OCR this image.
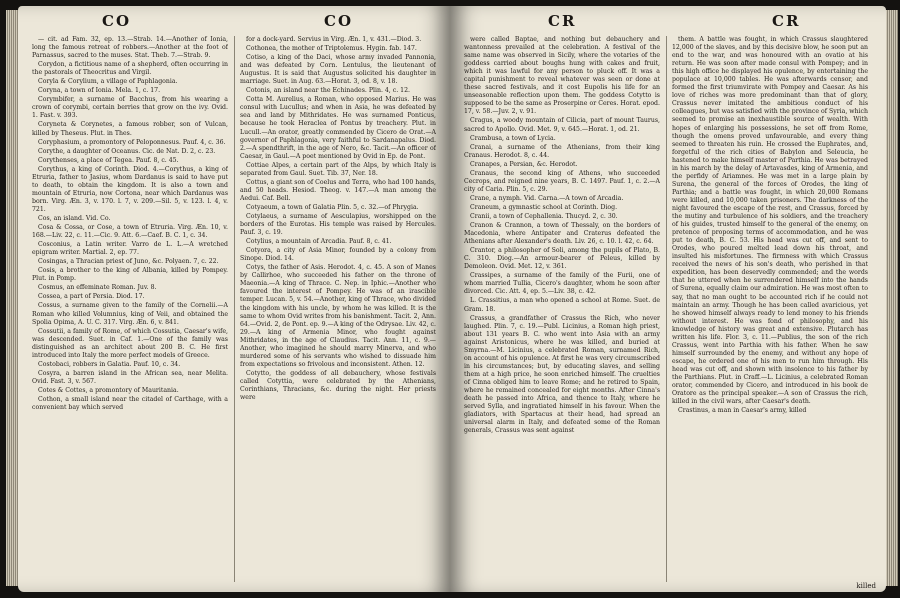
CO	CO

— cit. ad Fam. 32, ep. 13.—Strab. 14.—Another of Ionia, long the famous retreat of robbers.—Another at the foot of Parnassus, sacred to the muses. Stat. Theb. 7.—Strab. 9.

Corydon, a fictitious name of a shepherd, often occurring in the pastorals of Theocritus and Virgil.

Coryla & Corylium, a village of Paphlagonia.

Coryna, a town of Ionia. Mela. 1, c. 17.

Corymbifer, a surname of Bacchus, from his wearing a crown of corymbi, certain berries that grow on the ivy. Ovid. 1. Fast. v. 393.

Corynetа & Corynetes, a famous robber, son of Vulcan, killed by Theseus. Plut. in Thes.

Coryphasium, a promontory of Peloponnesus. Pauf. 4, c. 36.

Corythe, a daughter of Oceanus. Cic. de Nat. D. 2, c. 23.

Corythenses, a place of Tegea. Pauf. 8, c. 45.

Corythus, a king of Corinth. Diod. 4.—Corythus, a king of Etruria, father to Jasius, whom Dardanus is said to have put to death, to obtain the kingdom. It is also a town and mountain of Etruria, now Cortona, near which Dardanus was born. Virg. Æn. 3, v. 170. l. 7, v. 209.—Sil. 5, v. 123. l. 4, v. 721.

Cos, an island. Vid. Co.

Cosa & Cossa, or Cose, a town of Etruria. Virg. Æn. 10, v. 168.—Liv. 22, c. 11.—Cic. 9. Att. 6.—Caef. B. C. 1, c. 34.

Cosconius, a Latin writer. Varro de L. L.—A wretched epigram writer. Martial. 2, ep. 77.

Cosingas, a Thracian priest of Juno, &c. Polyaen. 7, c. 22.

Cosis, a brother to the king of Albania, killed by Pompey. Plut. in Pomp.

Cosmus, an effeminate Roman. Juv. 8.

Cossea, a part of Persia. Diod. 17.

Cossus, a surname given to the family of the Cornelii.—A Roman who killed Volumnius, king of Veii, and obtained the Spolia Opima, A. U. C. 317. Virg. Æn. 6, v. 841.

Cossutii, a family of Rome, of which Cossutia, Caesar's wife, was descended. Suet. in Caf. 1.—One of the family was distinguished as an architect about 200 B. C. He first introduced into Italy the more perfect models of Greece.

Costobaci, robbers in Galatia. Pauf. 10, c. 34.

Cosyra, a barren island in the African sea, near Melita. Ovid. Fast. 3, v. 567.

Cotes & Cottes, a promontory of Mauritania.

Cothon, a small island near the citadel of Carthage, with a convenient bay which served

for a dock-yard. Servius in Virg. Æn. 1, v. 431.—Diod. 3.

Cothonea, the mother of Triptolemus. Hygin. fab. 147.

Cotiso, a king of the Daci, whose army invaded Pannonia, and was defeated by Corn. Lentulus, the lieutenant of Augustus. It is said that Augustus solicited his daughter in marriage. Suet. in Aug. 63.—Horat. 3, od. 8, v. 18.

Cotonis, an island near the Echinades. Plin. 4, c. 12.

Cotta M. Aurelius, a Roman, who opposed Marius. He was consul with Lucullus; and when in Asia, he was defeated by sea and land by Mithridates. He was surnamed Ponticus, because he took Heraclea of Pontus by treachery. Plut. in Lucull.—An orator, greatly commended by Cicero de Orat.—A governor of Paphlagonia, very faithful to Sardanapalus. Diod. 2.—A spendthrift, in the age of Nero, &c. Tacit.—An officer of Caesar, in Gaul.—A poet mentioned by Ovid in Ep. de Pont.

Cottiae Alpes, a certain part of the Alps, by which Italy is separated from Gaul. Suet. Tib. 37, Ner. 18.

Cottus, a giant son of Coelus and Terra, who had 100 hands, and 50 heads. Hesiod. Theog. v. 147.—A man among the Aedui. Caf. Bell.

Cotyaeum, a town of Galatia Plin. 5, c. 32.—of Phrygia.

Cotylaeus, a surname of Aesculapius, worshipped on the borders of the Eurotas. His temple was raised by Hercules. Pauf. 3, c. 19.

Cotylius, a mountain of Arcadia. Pauf. 8, c. 41.

Cotyora, a city of Asia Minor, founded by a colony from Sinope. Diod. 14.

Cotys, the father of Asis. Herodot. 4, c. 45. A son of Manes by Callirhoe, who succeeded his father on the throne of Maeonia.—A king of Thrace. C. Nep. in Iphic.—Another who favoured the interest of Pompey. He was of an irascible temper. Lucan. 5, v. 54.—Another, king of Thrace, who divided the kingdom with his uncle, by whom he was killed. It is the same to whom Ovid writes from his banishment. Tacit. 2, Ann. 64.—Ovid. 2, de Pont. ep. 9.—A king of the Odrysae. Liv. 42, c. 29.—A king of Armenia Minor, who fought against Mithridates, in the age of Claudius. Tacit. Ann. 11, c. 9.—Another, who imagined he should marry Minerva, and who murdered some of his servants who wished to dissuade him from expectations so frivolous and inconsistent. Athen. 12.

Cotytto, the goddess of all debauchery, whose festivals called Cotyttia, were celebrated by the Athenians, Corinthians, Thracians, &c. during the night. Her priests were

CR	CR

were called Baptae, and nothing but debauchery and wantonness prevailed at the celebration. A festival of the same name was observed in Sicily, where the votaries of the goddess carried about boughs hung with cakes and fruit, which it was lawful for any person to pluck off. It was a capital punishment to reveal whatever was seen or done at these sacred festivals, and it cost Eupolis his life for an unseasonable reflection upon them. The goddess Cotytto is supposed to be the same as Proserpine or Ceres. Horat. epod. 17, v. 58.—Juv. 2, v. 91.

Cragus, a woody mountain of Cilicia, part of mount Taurus, sacred to Apollo. Ovid. Met. 9, v. 645.—Horat. 1, od. 21.

Crambusa, a town of Lycia.

Cranai, a surname of the Athenians, from their king Cranaus. Herodot. 8, c. 44.

Cranapes, a Persian, &c. Herodot.

Cranaus, the second king of Athens, who succeeded Cecrops, and reigned nine years, B. C. 1497. Pauf. 1, c. 2.—A city of Caria. Plin. 5, c. 29.

Crane, a nymph. Vid. Carna.—A town of Arcadia.

Cranеum, a gymnastic school at Corinth. Diog.

Cranii, a town of Cephallenia. Thucyd. 2, c. 30.

Cranon & Crannon, a town of Thessaly, on the borders of Macedonia, where Antipater and Craterus defeated the Athenians after Alexander's death. Liv. 26, c. 10. l. 42, c. 64.

Crantor, a philosopher of Soli, among the pupils of Plato, B. C. 310. Diog.—An armour-bearer of Peleus, killed by Demoleon. Ovid. Met. 12, v. 361.

Crassipes, a surname of the family of the Furii, one of whom married Tullia, Cicero's daughter, whom he soon after divorced. Cic. Att. 4, ep. 5.—Liv. 38, c. 42.

L. Crassitius, a man who opened a school at Rome. Suet. de Gram. 18.

Crassus, a grandfather of Crassus the Rich, who never laughed. Plin. 7, c. 19.—Publ. Licinius, a Roman high priest, about 131 years B. C. who went into Asia with an army against Aristonicus, where he was killed, and buried at Smyrna.—M. Licinius, a celebrated Roman, surnamed Rich, on account of his opulence. At first he was very circumscribed in his circumstances; but, by educating slaves, and selling them at a high price, he soon enriched himself. The cruelties of Cinna obliged him to leave Rome; and he retired to Spain, where he remained concealed for eight months. After Cinna's death he passed into Africa, and thence to Italy, where he served Sylla, and ingratiated himself in his favour. When the gladiators, with Spartacus at their head, had spread an universal alarm in Italy, and defeated some of the Roman generals, Crassus was sent against

them. A battle was fought, in which Crassus slaughtered 12,000 of the slaves, and by this decisive blow, he soon put an end to the war, and was honoured with an ovatio at his return. He was soon after made consul with Pompey; and in this high office he displayed his opulence, by entertaining the populace at 10,000 tables. He was afterwards censor, and formed the first triumvirate with Pompey and Caesar. As his love of riches was more predominant than that of glory, Crassus never imitated the ambitious conduct of his colleagues, but was satisfied with the province of Syria, which seemed to promise an inexhaustible source of wealth. With hopes of enlarging his possessions, he set off from Rome, though the omens proved unfavourable, and every thing seemed to threaten his ruin. He crossed the Euphrates, and, forgetful of the rich cities of Babylon and Seleucia, he hastened to make himself master of Parthia. He was betrayed in his march by the delay of Artavasdes, king of Armenia, and the perfidy of Ariamnes. He was met in a large plain by Surena, the general of the forces of Orodes, the king of Parthia; and a battle was fought, in which 20,000 Romans were killed, and 10,000 taken prisoners. The darkness of the night favoured the escape of the rest, and Crassus, forced by the mutiny and turbulence of his soldiers, and the treachery of his guides, trusted himself to the general of the enemy, on pretence of proposing terms of accommodation, and he was put to death, B. C. 53. His head was cut off, and sent to Orodes, who poured melted lead down his throat, and insulted his misfortunes. The firmness with which Crassus received the news of his son's death, who perished in that expedition, has been deservedly commended; and the words that he uttered when he surrendered himself into the hands of Surena, equally claim our admiration. He was most often to say, that no man ought to be accounted rich if he could not maintain an army. Though he has been called avaricious, yet he showed himself always ready to lend money to his friends without interest. He was fond of philosophy, and his knowledge of history was great and extensive. Plutarch has written his life. Flor. 3, c. 11.—Publius, the son of the rich Crassus, went into Parthia with his father. When he saw himself surrounded by the enemy, and without any hope of escape, he ordered one of his men to run him through. His head was cut off, and shown with insolence to his father by the Parthians. Plut. in Craff.—L. Licinius, a celebrated Roman orator, commended by Cicero, and introduced in his book de Oratore as the principal speaker.—A son of Crassus the rich, killed in the civil wars, after Caesar's death.

Crastinus, a man in Caesar's army, killed

killed
